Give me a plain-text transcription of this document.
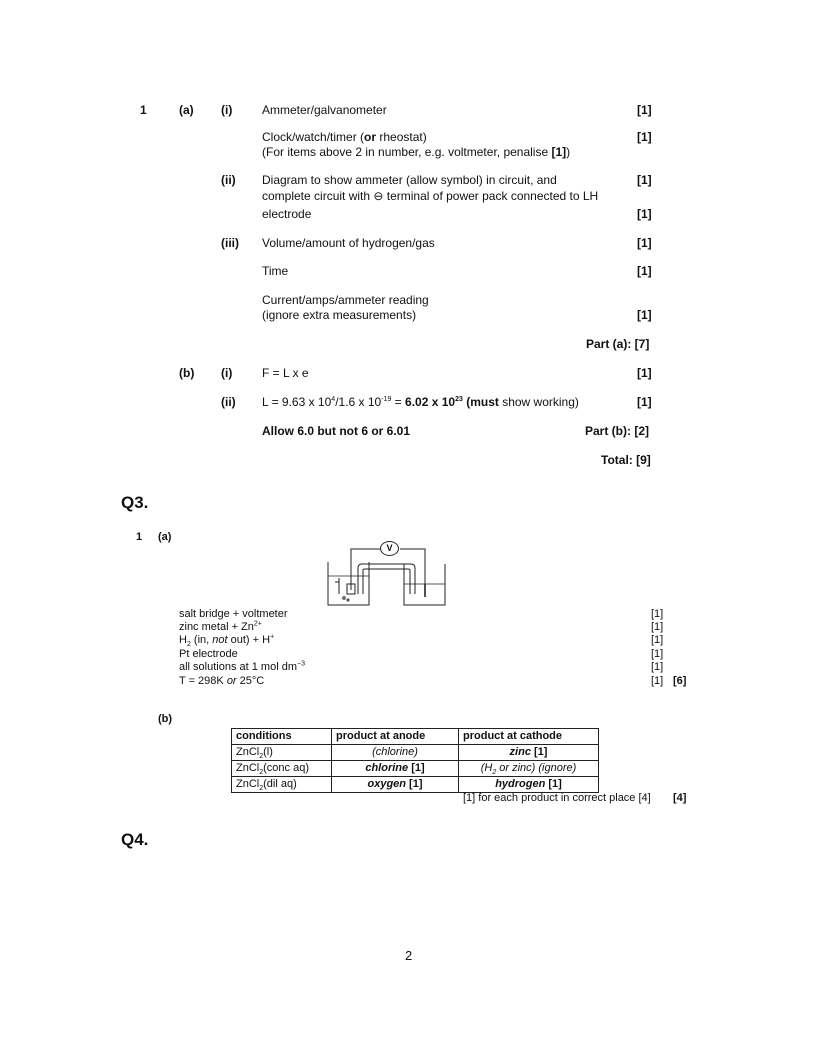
1	(a) (i) Ammeter/galvanometer	[1]
Clock/watch/timer (or rheostat)	[1]
(For items above 2 in number, e.g. voltmeter, penalise [1])
(ii) Diagram to show ammeter (allow symbol) in circuit, and	[1]
complete circuit with ⊖ terminal of power pack connected to LH
electrode	[1]
(iii) Volume/amount of hydrogen/gas	[1]
Time	[1]
Current/amps/ammeter reading
(ignore extra measurements)	[1]
Part (a): [7]
(b) (i) F = L x e	[1]
(ii) L = 9.63 x $10^4/1.6$ x $10^{-19} = 6.02$ x $10^{23}$ (must show working)	[1]
Allow 6.0 but not 6 or 6.01	Part (b): [2]
Total: [9]
Q3.
1 (a)
V
salt bridge + voltmeter	[1]
zinc metal + $Zn^{2+}$	[1]
$H_2$ (in, not out) + H+	[1]
Pt electrode	[1]
all solutions at 1 mol $dm^{-3}$	[1]
T = 298K or 25°C	[1] [6]
(b)
conditions	product at anode	product at cathode
ZnCl$_2$(l)	(chlorine)	zinc [1]
ZnCl$_2$(conc aq)	chlorine [1]	($H_2$ or zinc) (ignore)
ZnCl$_2$(dil aq)	oxygen [1]	hydrogen [1]
[1] for each product in correct place [4] [4]
Q4.
2
